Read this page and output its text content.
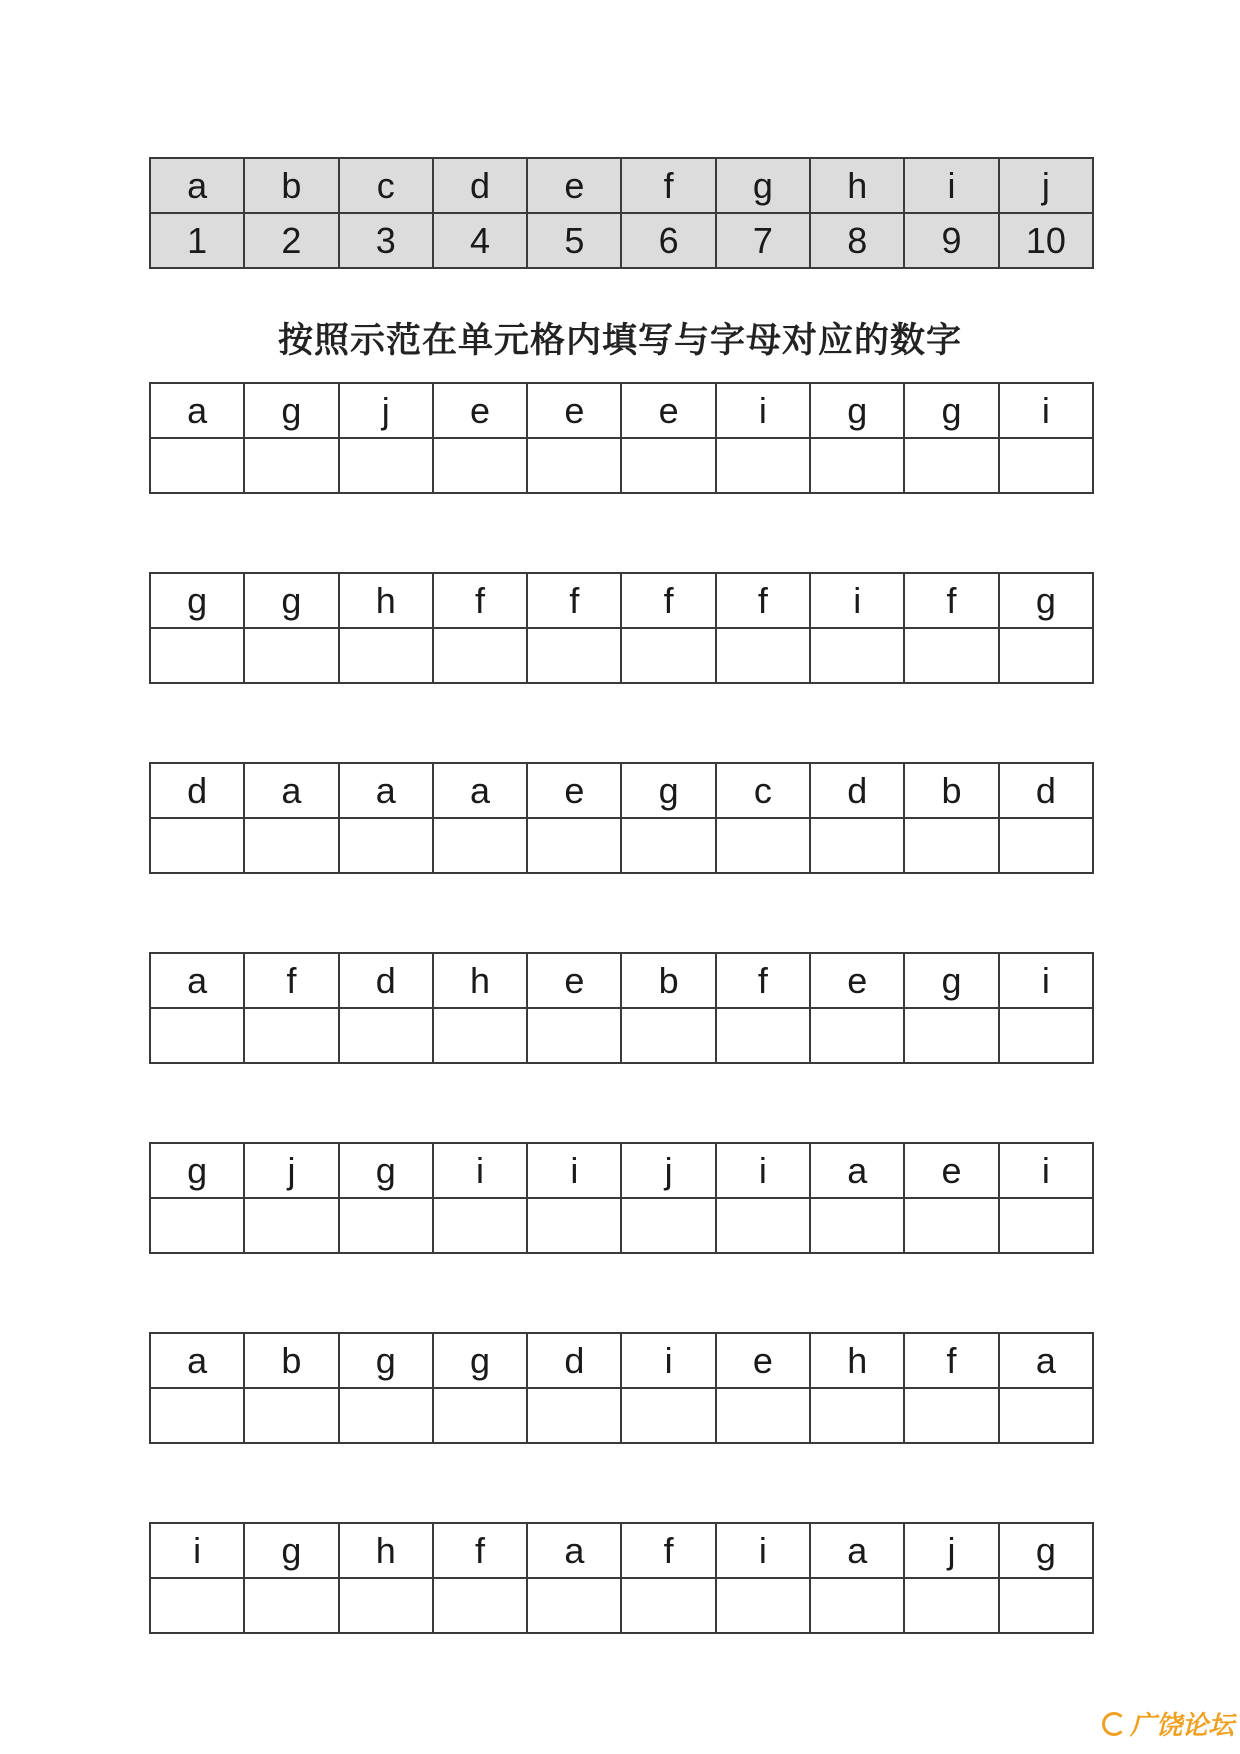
a	b	c	d	e	f	g	h	i	j
1	2	3	4	5	6	7	8	9	10
按照示范在单元格内填写与字母对应的数字
a	g	j	e	e	e	i	g	g	i

g	g	h	f	f	f	f	i	f	g

d	a	a	a	e	g	c	d	b	d

a	f	d	h	e	b	f	e	g	i

g	j	g	i	i	j	i	a	e	i

a	b	g	g	d	i	e	h	f	a

i	g	h	f	a	f	i	a	j	g

广饶论坛
